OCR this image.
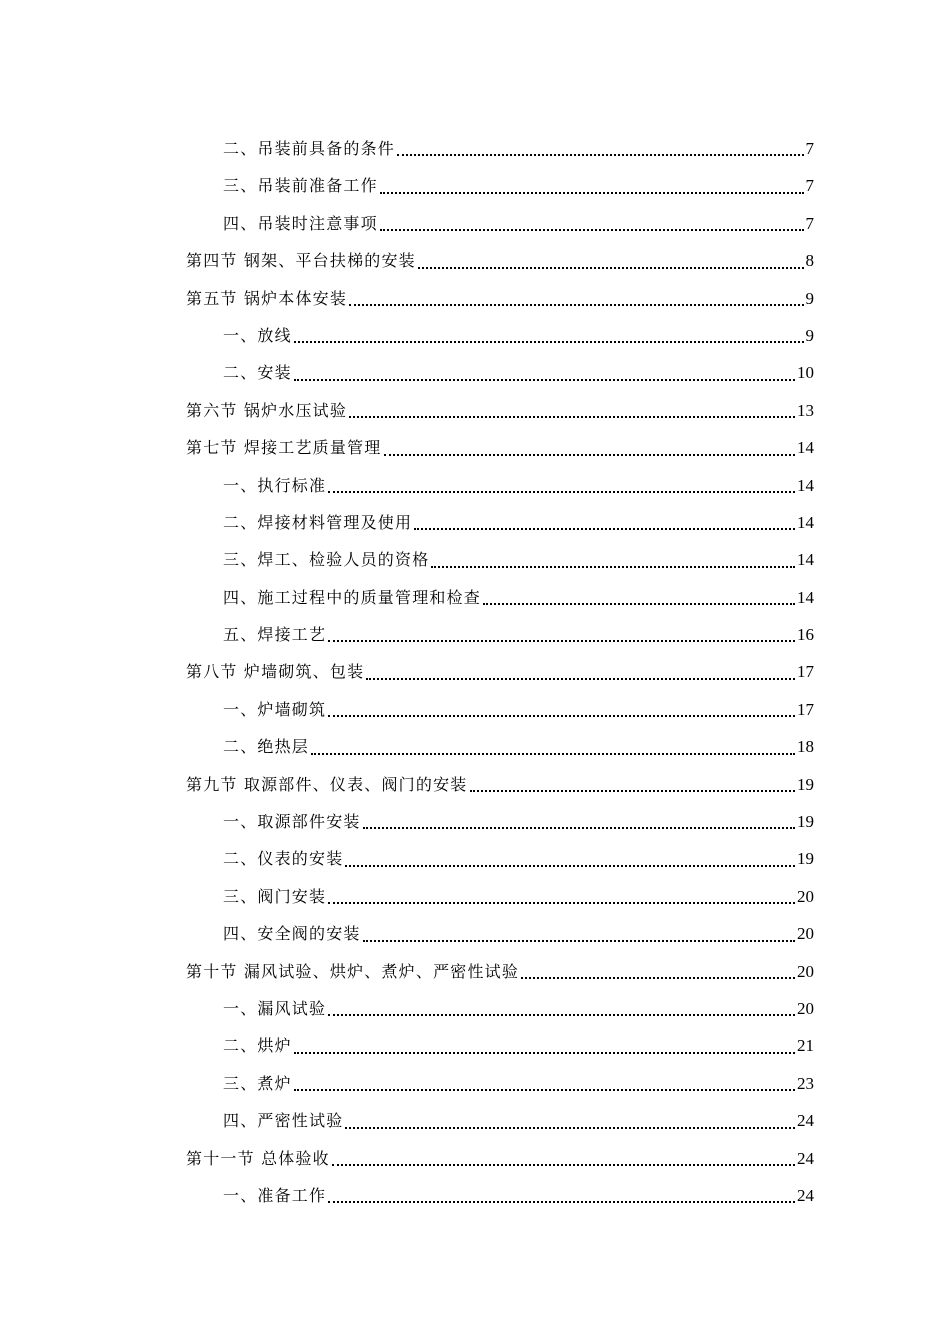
二、吊装前具备的条件	7
三、吊装前准备工作	7
四、吊装时注意事项	7
第四节 钢架、平台扶梯的安装	8
第五节 锅炉本体安装	9
一、放线	9
二、安装	10
第六节 锅炉水压试验	13
第七节 焊接工艺质量管理	14
一、执行标准	14
二、焊接材料管理及使用	14
三、焊工、检验人员的资格	14
四、施工过程中的质量管理和检查	14
五、焊接工艺	16
第八节 炉墙砌筑、包装	17
一、炉墙砌筑	17
二、绝热层	18
第九节 取源部件、仪表、阀门的安装	19
一、取源部件安装	19
二、仪表的安装	19
三、阀门安装	20
四、安全阀的安装	20
第十节 漏风试验、烘炉、煮炉、严密性试验	20
一、漏风试验	20
二、烘炉	21
三、煮炉	23
四、严密性试验	24
第十一节 总体验收	24
一、准备工作	24
